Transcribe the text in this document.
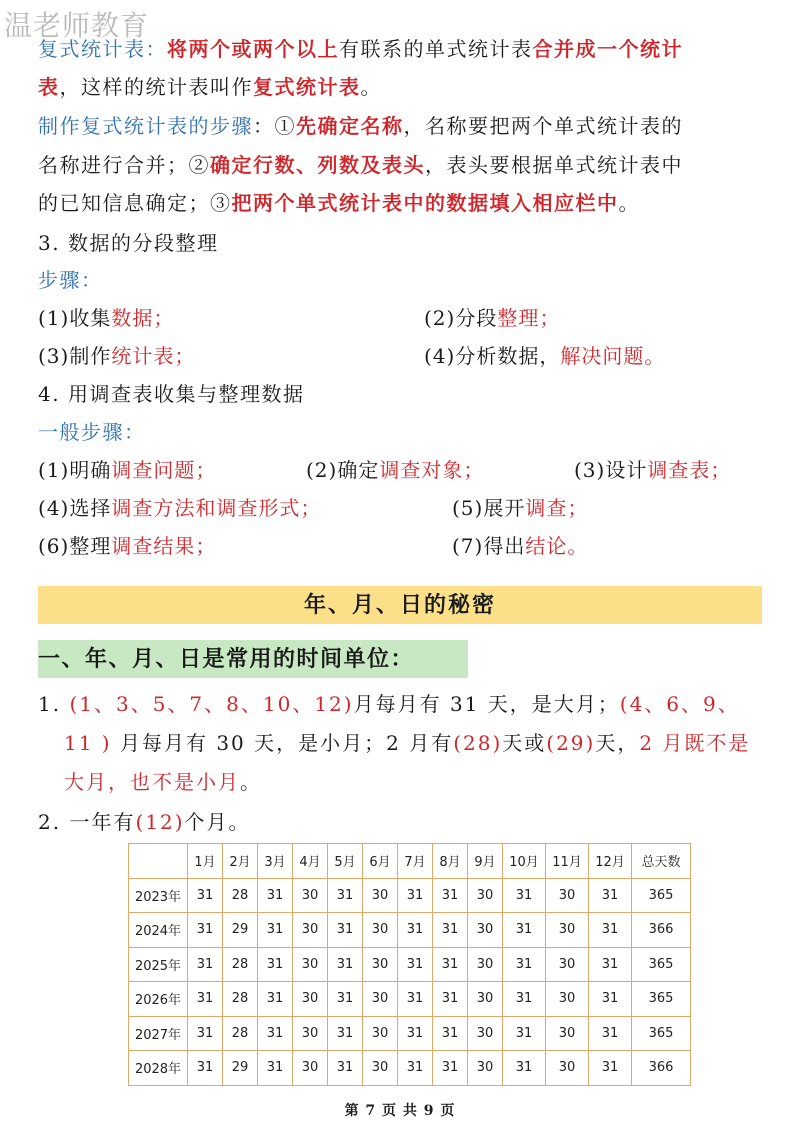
温老师教育
复式统计表：将两个或两个以上有联系的单式统计表合并成一个统计
表，这样的统计表叫作复式统计表。
制作复式统计表的步骤：①先确定名称，名称要把两个单式统计表的
名称进行合并；②确定行数、列数及表头，表头要根据单式统计表中
的已知信息确定；③把两个单式统计表中的数据填入相应栏中。
3. 数据的分段整理
步骤：
(1)收集数据；	(2)分段整理；
(3)制作统计表；	(4)分析数据，解决问题。
4. 用调查表收集与整理数据
一般步骤：
(1)明确调查问题；	(2)确定调查对象；	(3)设计调查表；
(4)选择调查方法和调查形式；	(5)展开调查；
(6)整理调查结果；	(7)得出结论。
年、月、日的秘密
一、年、月、日是常用的时间单位：
1. (1、3、5、7、8、10、12)月每月有 31 天，是大月；(4、6、9、
11 ) 月每月有 30 天，是小月；2 月有(28)天或(29)天，2 月既不是
大月，也不是小月。
2. 一年有(12)个月。
	1月	2月	3月	4月	5月	6月	7月	8月	9月	10月	11月	12月	总天数
2023年	31	28	31	30	31	30	31	31	30	31	30	31	365
2024年	31	29	31	30	31	30	31	31	30	31	30	31	366
2025年	31	28	31	30	31	30	31	31	30	31	30	31	365
2026年	31	28	31	30	31	30	31	31	30	31	30	31	365
2027年	31	28	31	30	31	30	31	31	30	31	30	31	365
2028年	31	29	31	30	31	30	31	31	30	31	30	31	366
第 7 页 共 9 页
